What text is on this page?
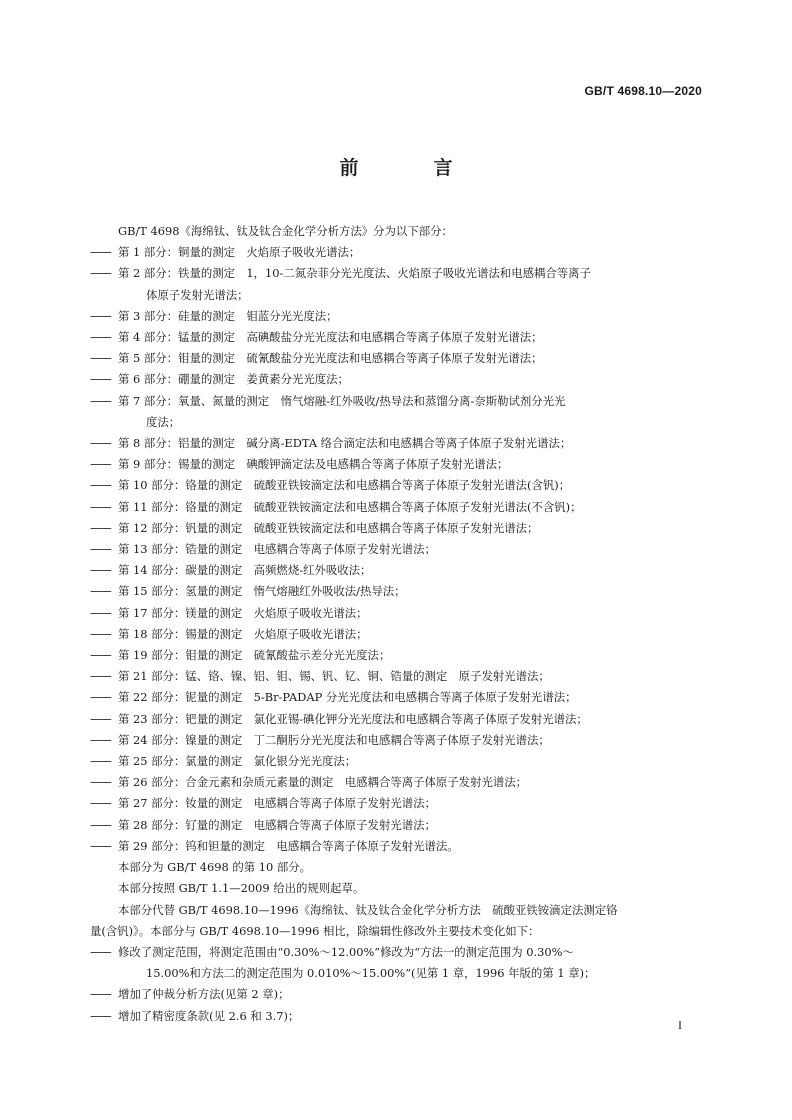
GB/T 4698.10—2020
前　言

GB/T 4698《海绵钛、钛及钛合金化学分析方法》分为以下部分：

—— 第 1 部分：铜量的测定　火焰原子吸收光谱法；

—— 第 2 部分：铁量的测定　1，10-二氮杂菲分光光度法、火焰原子吸收光谱法和电感耦合等离子

体原子发射光谱法；

—— 第 3 部分：硅量的测定　钼蓝分光光度法；

—— 第 4 部分：锰量的测定　高碘酸盐分光光度法和电感耦合等离子体原子发射光谱法；

—— 第 5 部分：钼量的测定　硫氰酸盐分光光度法和电感耦合等离子体原子发射光谱法；

—— 第 6 部分：硼量的测定　姜黄素分光光度法；

—— 第 7 部分：氧量、氮量的测定　惰气熔融-红外吸收/热导法和蒸馏分离-奈斯勒试剂分光光

度法；

—— 第 8 部分：铝量的测定　碱分离-EDTA 络合滴定法和电感耦合等离子体原子发射光谱法；

—— 第 9 部分：锡量的测定　碘酸钾滴定法及电感耦合等离子体原子发射光谱法；

—— 第 10 部分：铬量的测定　硫酸亚铁铵滴定法和电感耦合等离子体原子发射光谱法(含钒)；

—— 第 11 部分：铬量的测定　硫酸亚铁铵滴定法和电感耦合等离子体原子发射光谱法(不含钒)；

—— 第 12 部分：钒量的测定　硫酸亚铁铵滴定法和电感耦合等离子体原子发射光谱法；

—— 第 13 部分：锆量的测定　电感耦合等离子体原子发射光谱法；

—— 第 14 部分：碳量的测定　高频燃烧-红外吸收法；

—— 第 15 部分：氢量的测定　惰气熔融红外吸收法/热导法；

—— 第 17 部分：镁量的测定　火焰原子吸收光谱法；

—— 第 18 部分：锡量的测定　火焰原子吸收光谱法；

—— 第 19 部分：钼量的测定　硫氰酸盐示差分光光度法；

—— 第 21 部分：锰、铬、镍、铝、钼、锡、钒、钇、铜、锆量的测定　原子发射光谱法；

—— 第 22 部分：铌量的测定　5-Br-PADAP 分光光度法和电感耦合等离子体原子发射光谱法；

—— 第 23 部分：钯量的测定　氯化亚锡-碘化钾分光光度法和电感耦合等离子体原子发射光谱法；

—— 第 24 部分：镍量的测定　丁二酮肟分光光度法和电感耦合等离子体原子发射光谱法；

—— 第 25 部分：氯量的测定　氯化银分光光度法；

—— 第 26 部分：合金元素和杂质元素量的测定　电感耦合等离子体原子发射光谱法；

—— 第 27 部分：钕量的测定　电感耦合等离子体原子发射光谱法；

—— 第 28 部分：钌量的测定　电感耦合等离子体原子发射光谱法；

—— 第 29 部分：钨和钽量的测定　电感耦合等离子体原子发射光谱法。

本部分为 GB/T 4698 的第 10 部分。

本部分按照 GB/T 1.1—2009 给出的规则起草。

本部分代替 GB/T 4698.10—1996《海绵钛、钛及钛合金化学分析方法　硫酸亚铁铵滴定法测定铬

量(含钒)》。本部分与 GB/T 4698.10—1996 相比，除编辑性修改外主要技术变化如下：

—— 修改了测定范围，将测定范围由“0.30%～12.00%”修改为“方法一的测定范围为 0.30%～

15.00%和方法二的测定范围为 0.010%～15.00%”(见第 1 章，1996 年版的第 1 章)；

—— 增加了仲裁分析方法(见第 2 章)；

—— 增加了精密度条款(见 2.6 和 3.7)；

I
